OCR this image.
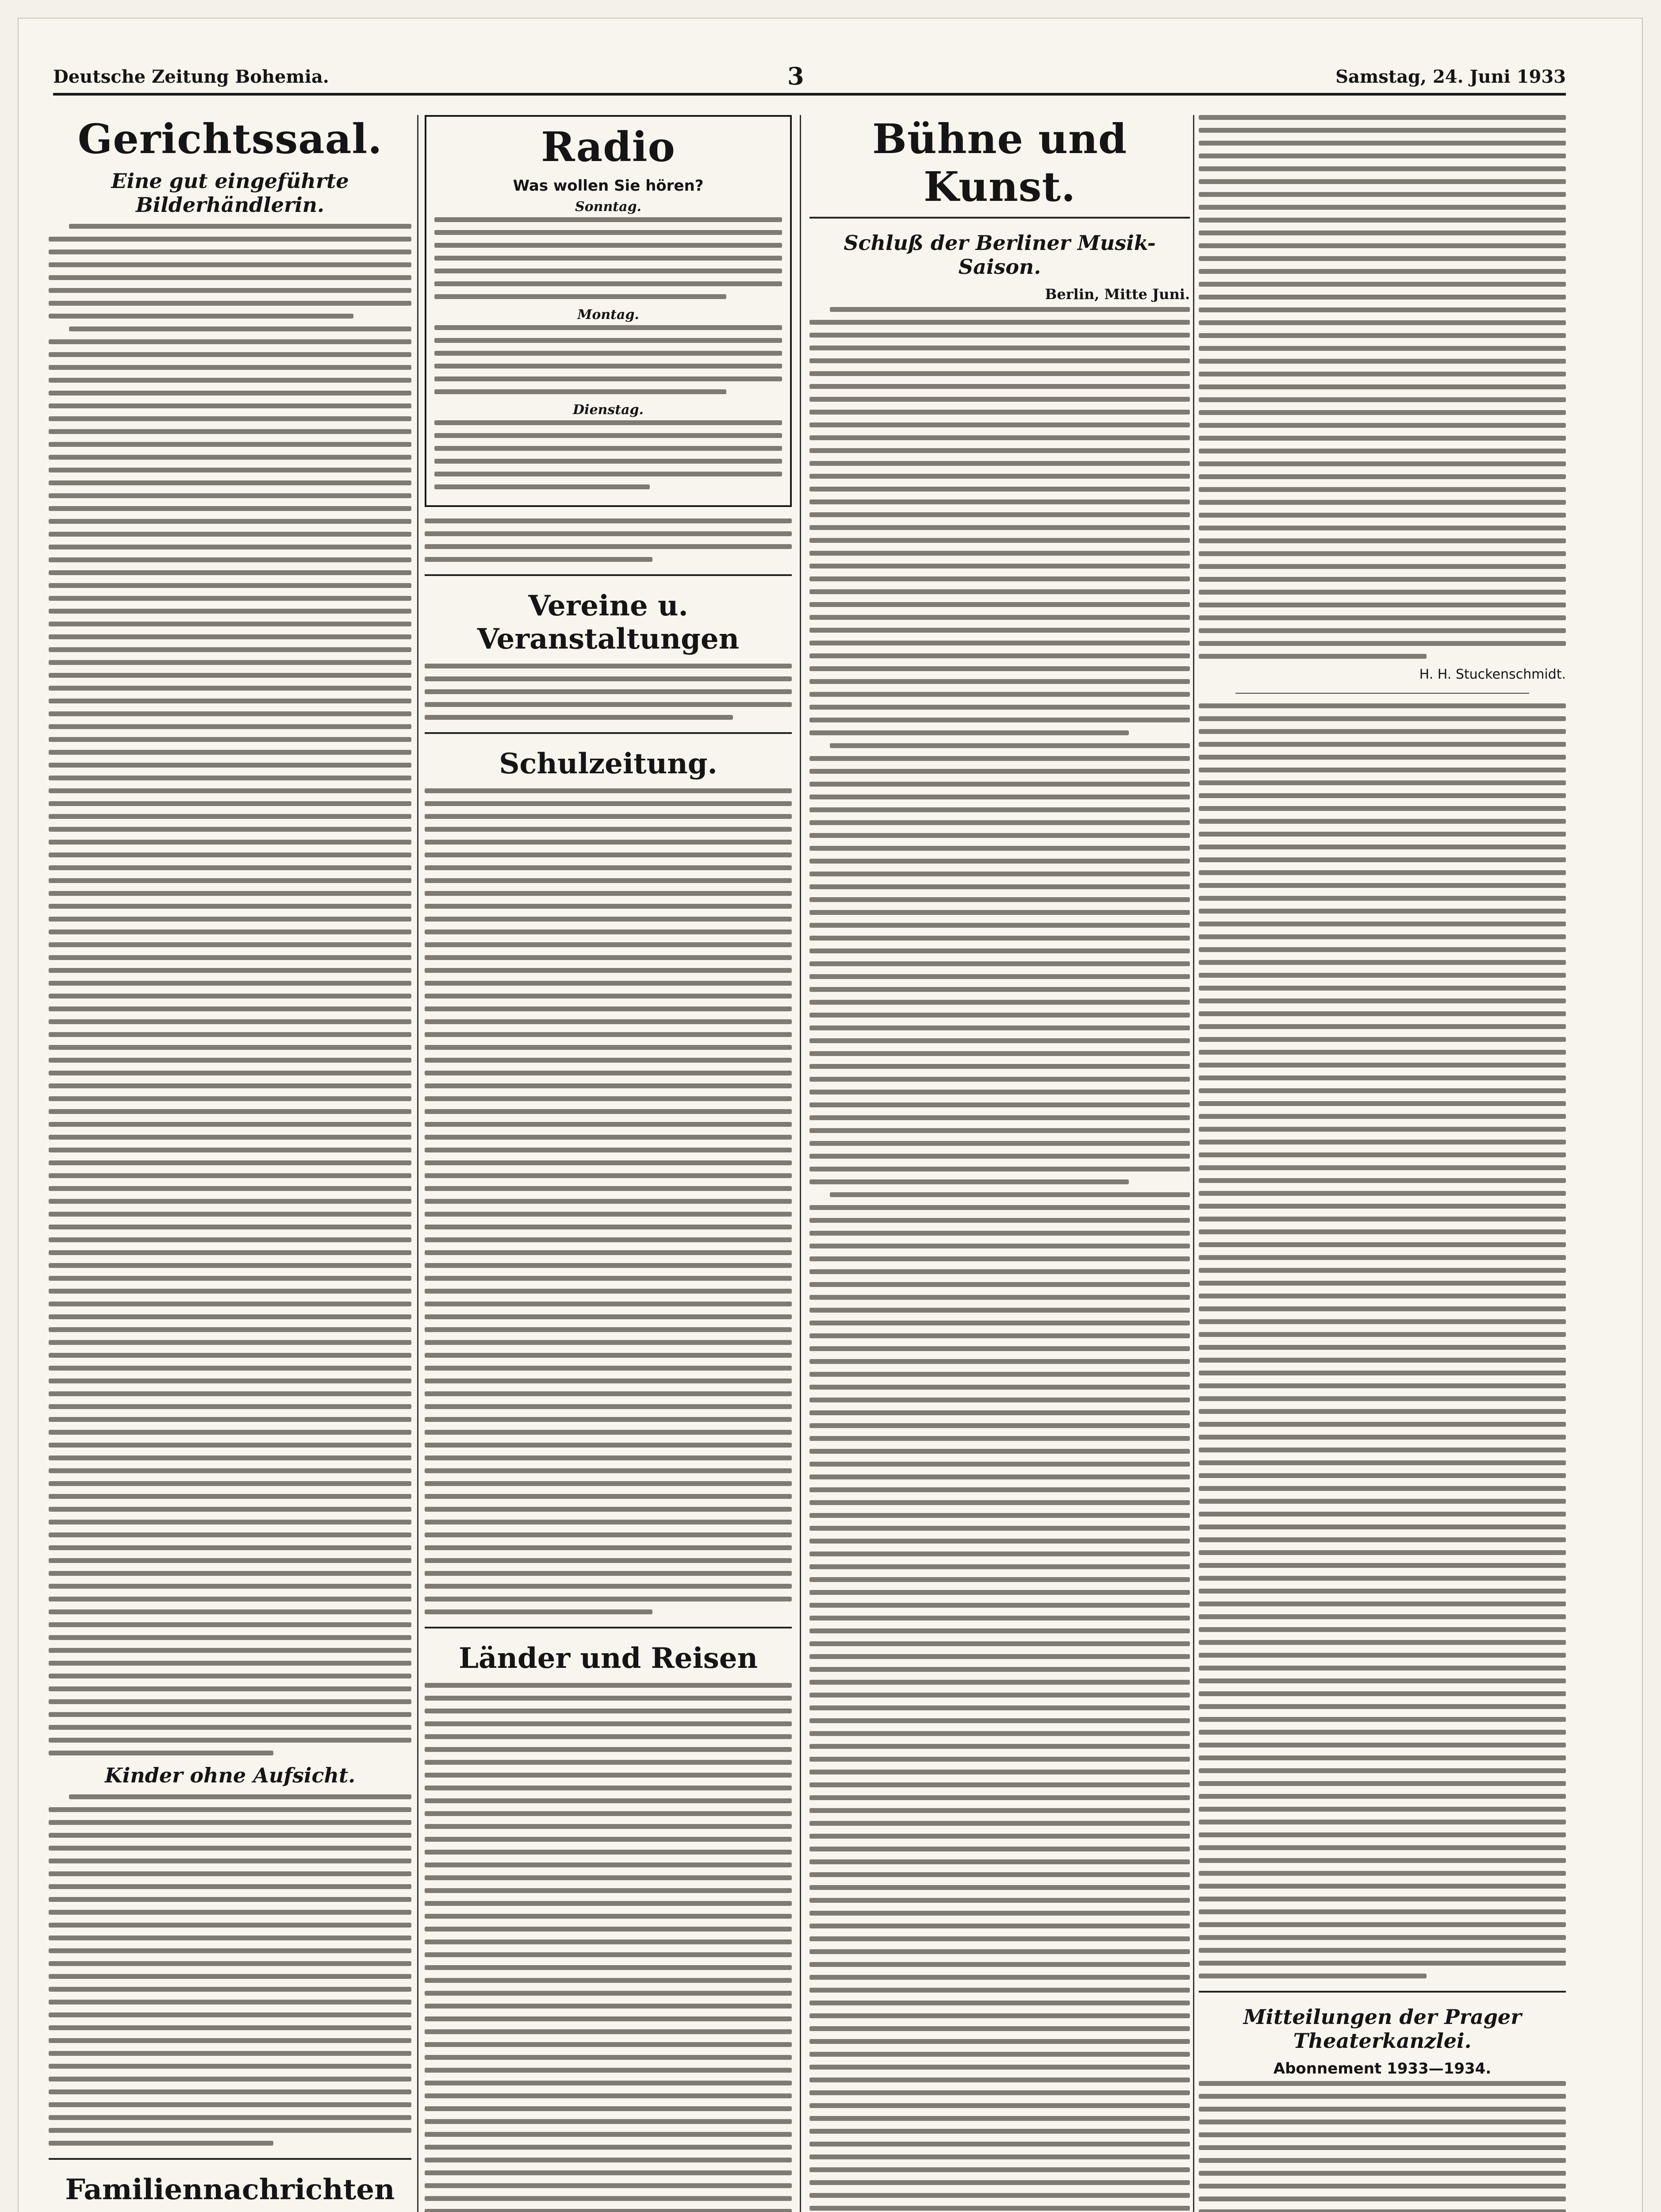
Deutsche Zeitung Bohemia.	3	Samstag, 24. Juni 1933
Gerichtssaal.
Eine gut eingeführte Bilderhändlerin.
Kinder ohne Aufsicht.
Familiennachrichten
Radio
Was wollen Sie hören?
Sonntag.
Montag.
Dienstag.
Vereine u. Veranstaltungen
Schulzeitung.
Länder und Reisen
Bühne und Kunst.
Schluß der Berliner Musik-Saison.
Berlin, Mitte Juni.
H. H. Stuckenschmidt.
Mitteilungen der Prager Theaterkanzlei.
Abonnement 1933—1934.
